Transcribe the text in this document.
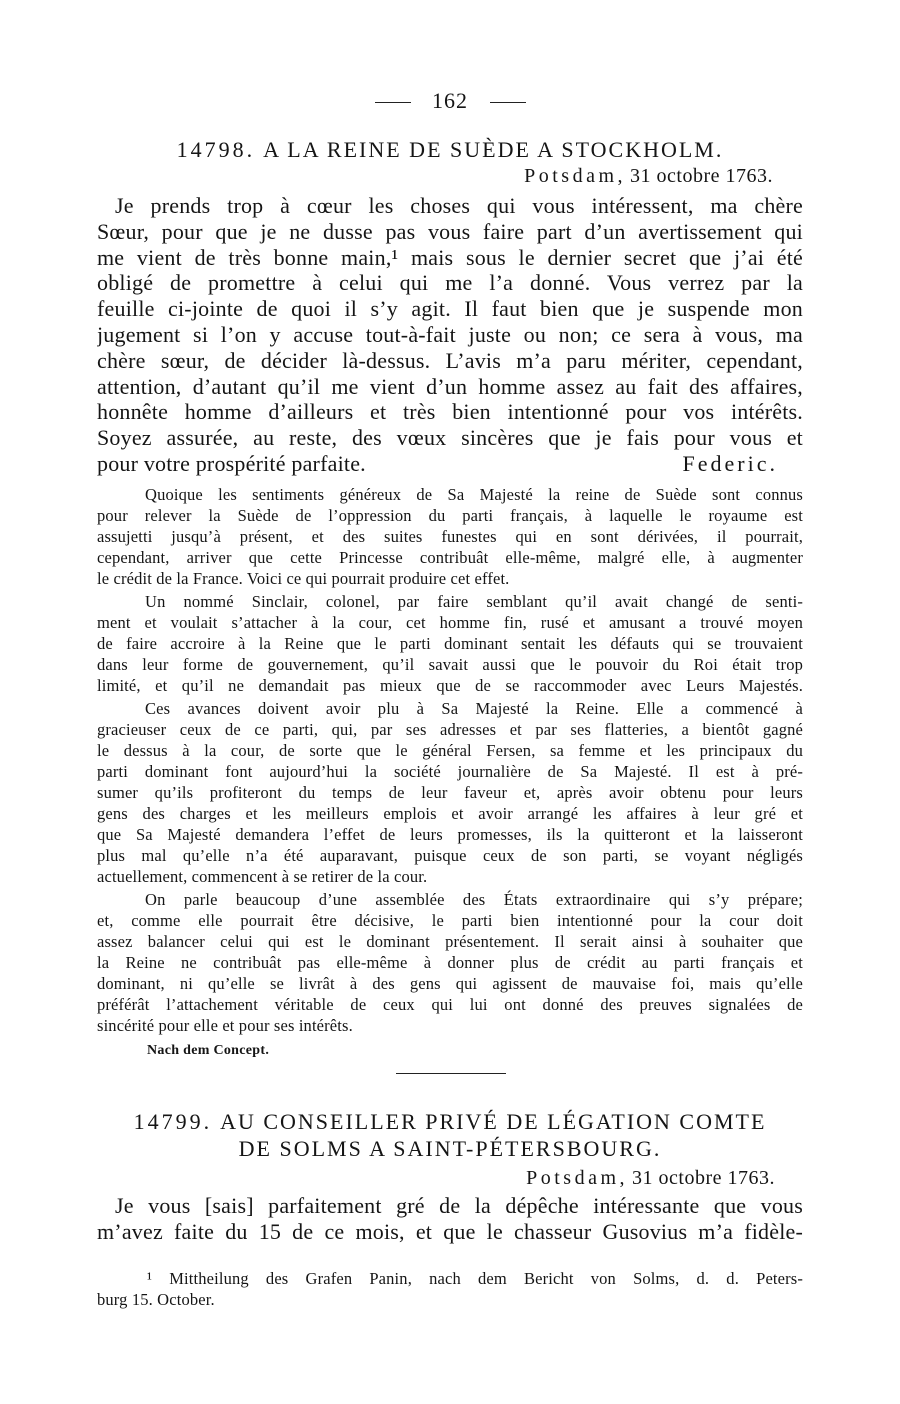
162
14798. A LA REINE DE SUÈDE A STOCKHOLM.
Potsdam, 31 octobre 1763.
Je prends trop à cœur les choses qui vous intéressent, ma chère
Sœur, pour que je ne dusse pas vous faire part d’un avertissement qui
me vient de très bonne main,¹ mais sous le dernier secret que j’ai été
obligé de promettre à celui qui me l’a donné. Vous verrez par la
feuille ci-jointe de quoi il s’y agit. Il faut bien que je suspende mon
jugement si l’on y accuse tout-à-fait juste ou non; ce sera à vous, ma
chère sœur, de décider là-dessus. L’avis m’a paru mériter, cependant,
attention, d’autant qu’il me vient d’un homme assez au fait des affaires,
honnête homme d’ailleurs et très bien intentionné pour vos intérêts.
Soyez assurée, au reste, des vœux sincères que je fais pour vous et
pour votre prospérité parfaite.	Federic.
Quoique les sentiments généreux de Sa Majesté la reine de Suède sont connus
pour relever la Suède de l’oppression du parti français, à laquelle le royaume est
assujetti jusqu’à présent, et des suites funestes qui en sont dérivées, il pourrait,
cependant, arriver que cette Princesse contribuât elle-même, malgré elle, à augmenter
le crédit de la France. Voici ce qui pourrait produire cet effet.
Un nommé Sinclair, colonel, par faire semblant qu’il avait changé de senti-
ment et voulait s’attacher à la cour, cet homme fin, rusé et amusant a trouvé moyen
de faire accroire à la Reine que le parti dominant sentait les défauts qui se trouvaient
dans leur forme de gouvernement, qu’il savait aussi que le pouvoir du Roi était trop
limité, et qu’il ne demandait pas mieux que de se raccommoder avec Leurs Majestés.
Ces avances doivent avoir plu à Sa Majesté la Reine. Elle a commencé à
gracieuser ceux de ce parti, qui, par ses adresses et par ses flatteries, a bientôt gagné
le dessus à la cour, de sorte que le général Fersen, sa femme et les principaux du
parti dominant font aujourd’hui la société journalière de Sa Majesté. Il est à pré-
sumer qu’ils profiteront du temps de leur faveur et, après avoir obtenu pour leurs
gens des charges et les meilleurs emplois et avoir arrangé les affaires à leur gré et
que Sa Majesté demandera l’effet de leurs promesses, ils la quitteront et la laisseront
plus mal qu’elle n’a été auparavant, puisque ceux de son parti, se voyant négligés
actuellement, commencent à se retirer de la cour.
On parle beaucoup d’une assemblée des États extraordinaire qui s’y prépare;
et, comme elle pourrait être décisive, le parti bien intentionné pour la cour doit
assez balancer celui qui est le dominant présentement. Il serait ainsi à souhaiter que
la Reine ne contribuât pas elle-même à donner plus de crédit au parti français et
dominant, ni qu’elle se livrât à des gens qui agissent de mauvaise foi, mais qu’elle
préférât l’attachement véritable de ceux qui lui ont donné des preuves signalées de
sincérité pour elle et pour ses intérêts.
Nach dem Concept.
14799. AU CONSEILLER PRIVÉ DE LÉGATION COMTE
DE SOLMS A SAINT-PÉTERSBOURG.
Potsdam, 31 octobre 1763.
Je vous [sais] parfaitement gré de la dépêche intéressante que vous
m’avez faite du 15 de ce mois, et que le chasseur Gusovius m’a fidèle-
¹ Mittheilung des Grafen Panin, nach dem Bericht von Solms, d. d. Peters-
burg 15. October.
